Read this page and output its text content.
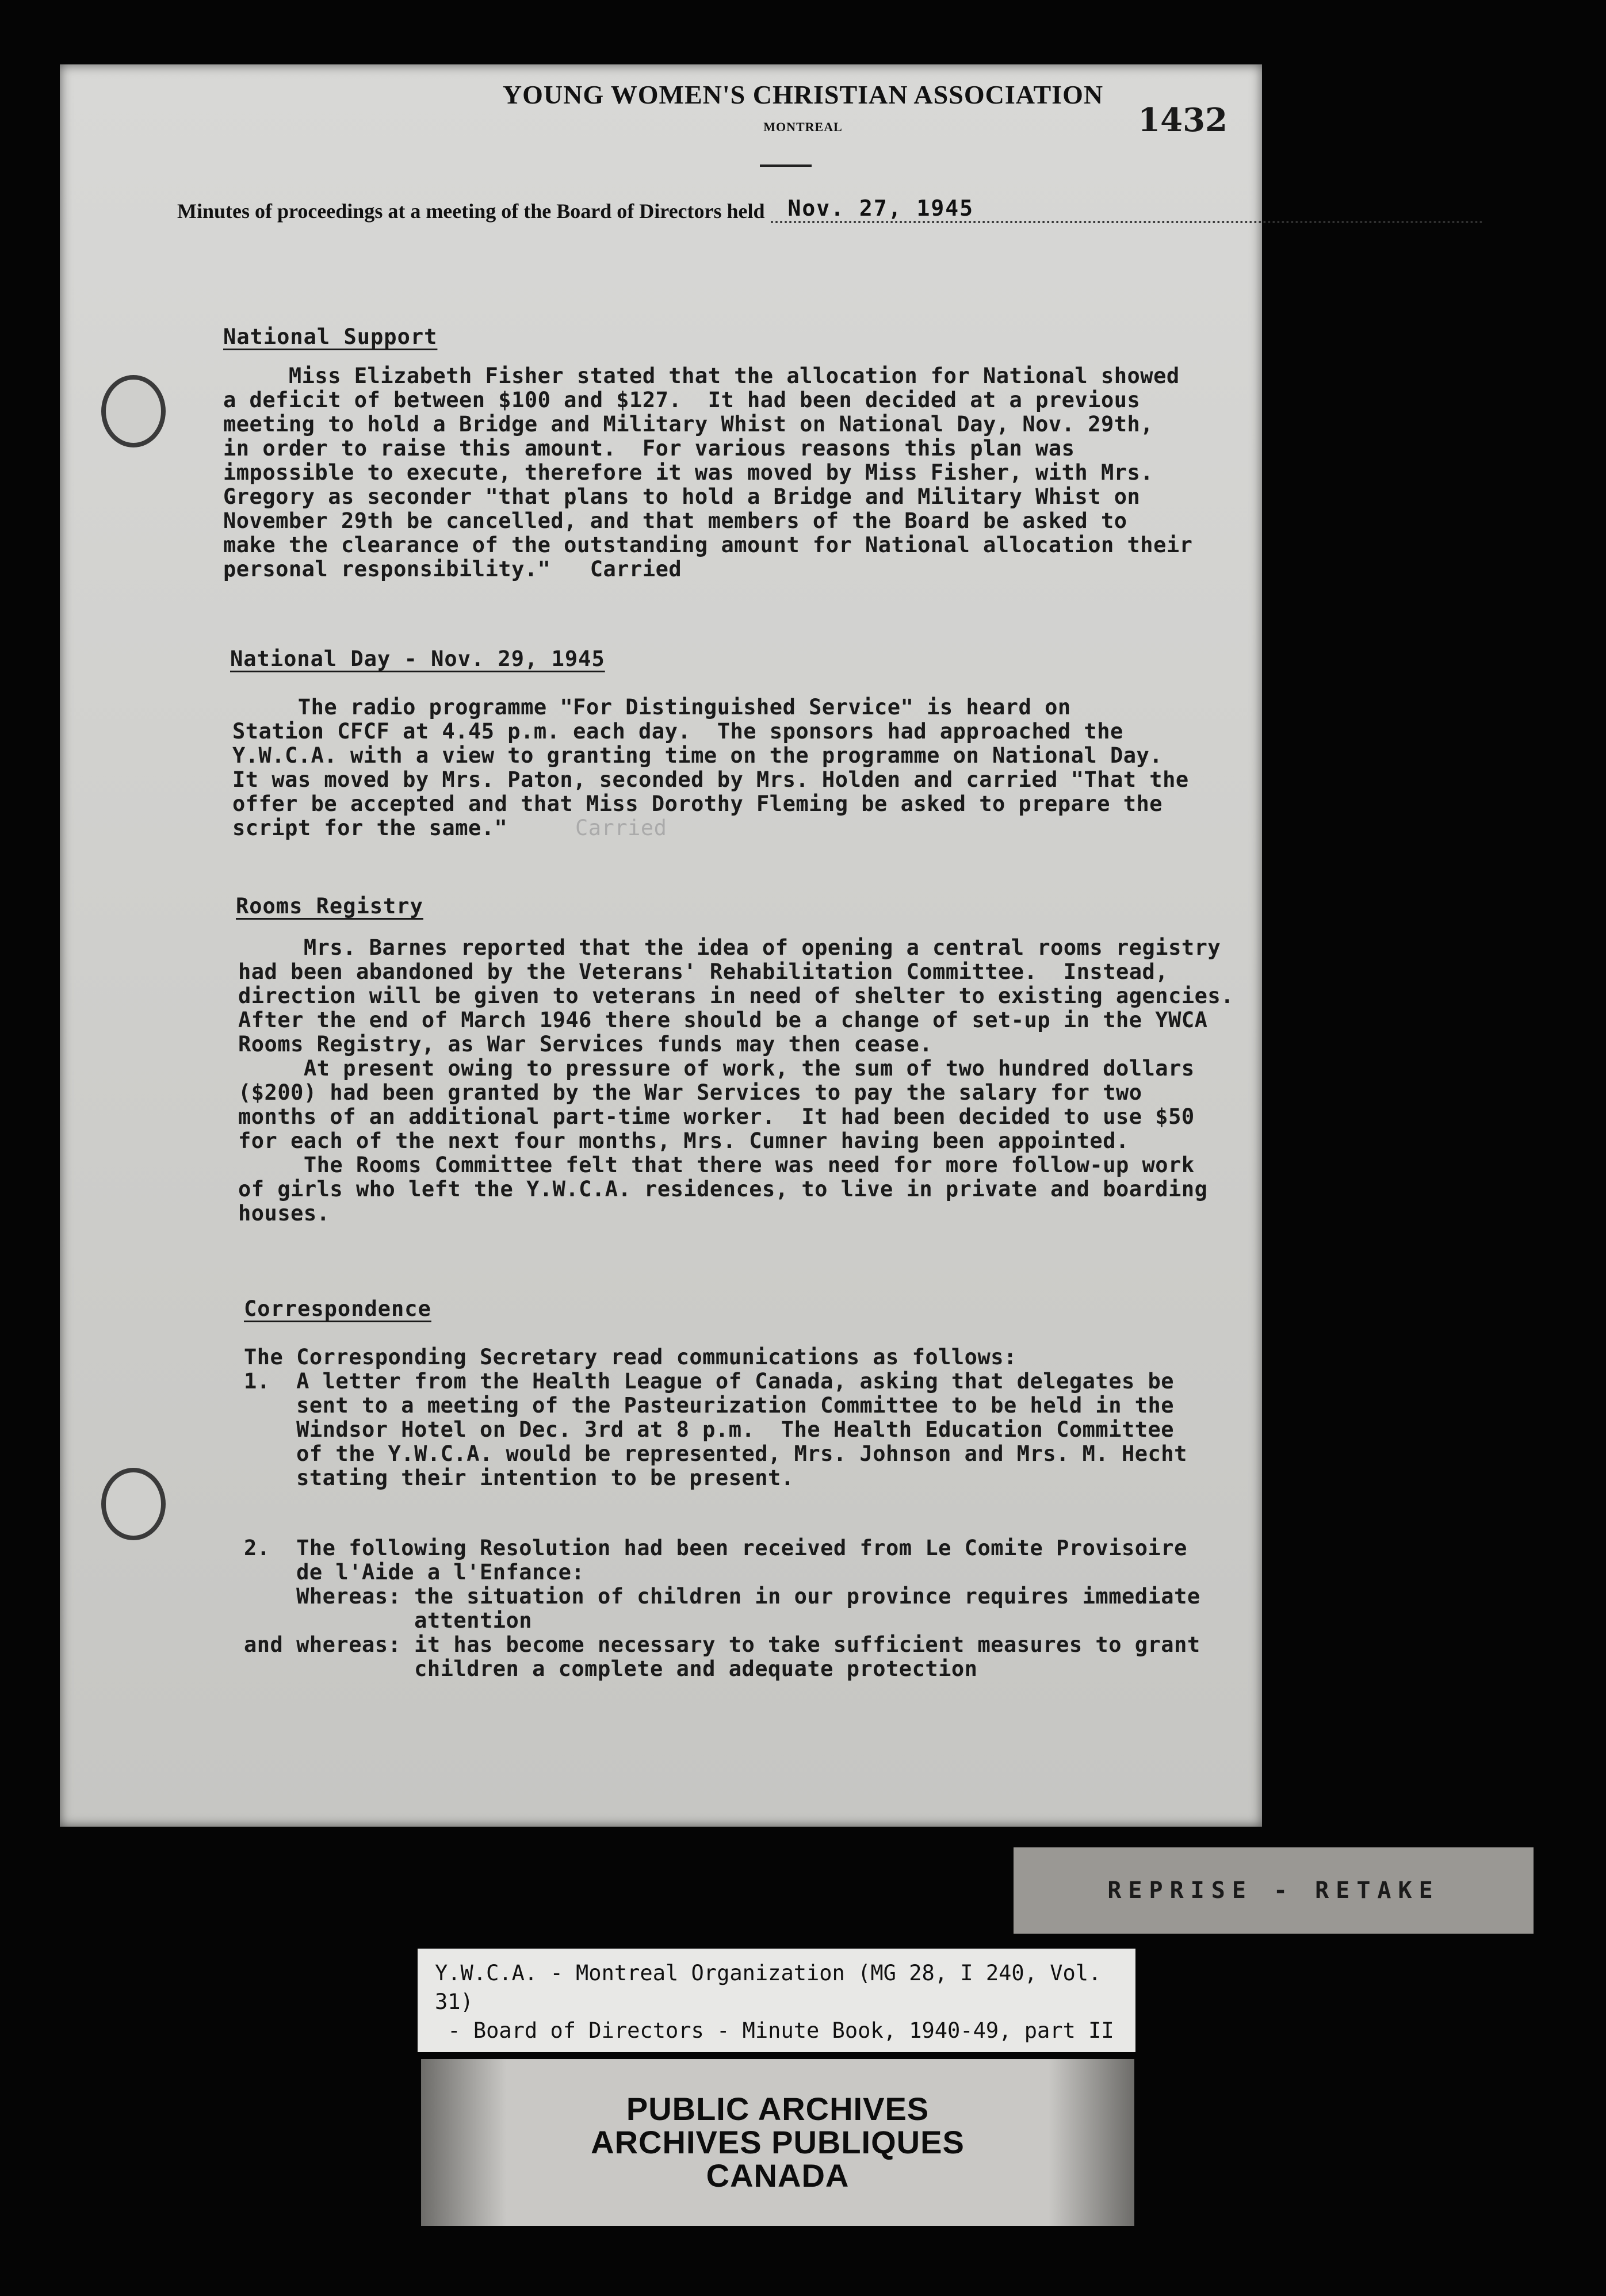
1432
YOUNG WOMEN'S CHRISTIAN ASSOCIATION
MONTREAL
Minutes of proceedings at a meeting of the Board of Directors held	Nov. 27, 1945
National Support
Miss Elizabeth Fisher stated that the allocation for National showed
a deficit of between $100 and $127.  It had been decided at a previous
meeting to hold a Bridge and Military Whist on National Day, Nov. 29th,
in order to raise this amount.  For various reasons this plan was
impossible to execute, therefore it was moved by Miss Fisher, with Mrs.
Gregory as seconder "that plans to hold a Bridge and Military Whist on
November 29th be cancelled, and that members of the Board be asked to
make the clearance of the outstanding amount for National allocation their
personal responsibility."   Carried
National Day - Nov. 29, 1945
The radio programme "For Distinguished Service" is heard on
Station CFCF at 4.45 p.m. each day.  The sponsors had approached the
Y.W.C.A. with a view to granting time on the programme on National Day.
It was moved by Mrs. Paton, seconded by Mrs. Holden and carried "That the
offer be accepted and that Miss Dorothy Fleming be asked to prepare the
script for the same."	Carried
Rooms Registry
Mrs. Barnes reported that the idea of opening a central rooms registry
had been abandoned by the Veterans' Rehabilitation Committee.  Instead,
direction will be given to veterans in need of shelter to existing agencies.
After the end of March 1946 there should be a change of set-up in the YWCA
Rooms Registry, as War Services funds may then cease.
At present owing to pressure of work, the sum of two hundred dollars
($200) had been granted by the War Services to pay the salary for two
months of an additional part-time worker.  It had been decided to use $50
for each of the next four months, Mrs. Cumner having been appointed.
The Rooms Committee felt that there was need for more follow-up work
of girls who left the Y.W.C.A. residences, to live in private and boarding
houses.
Correspondence
The Corresponding Secretary read communications as follows:
1.  A letter from the Health League of Canada, asking that delegates be
sent to a meeting of the Pasteurization Committee to be held in the
Windsor Hotel on Dec. 3rd at 8 p.m.  The Health Education Committee
of the Y.W.C.A. would be represented, Mrs. Johnson and Mrs. M. Hecht
stating their intention to be present.
2.  The following Resolution had been received from Le Comite Provisoire
de l'Aide a l'Enfance:
Whereas: the situation of children in our province requires immediate
attention
and whereas: it has become necessary to take sufficient measures to grant
children a complete and adequate protection
REPRISE - RETAKE
Y.W.C.A. - Montreal Organization (MG 28, I 240, Vol. 31)
- Board of Directors - Minute Book, 1940-49, part II
PUBLIC ARCHIVES
ARCHIVES PUBLIQUES
CANADA
